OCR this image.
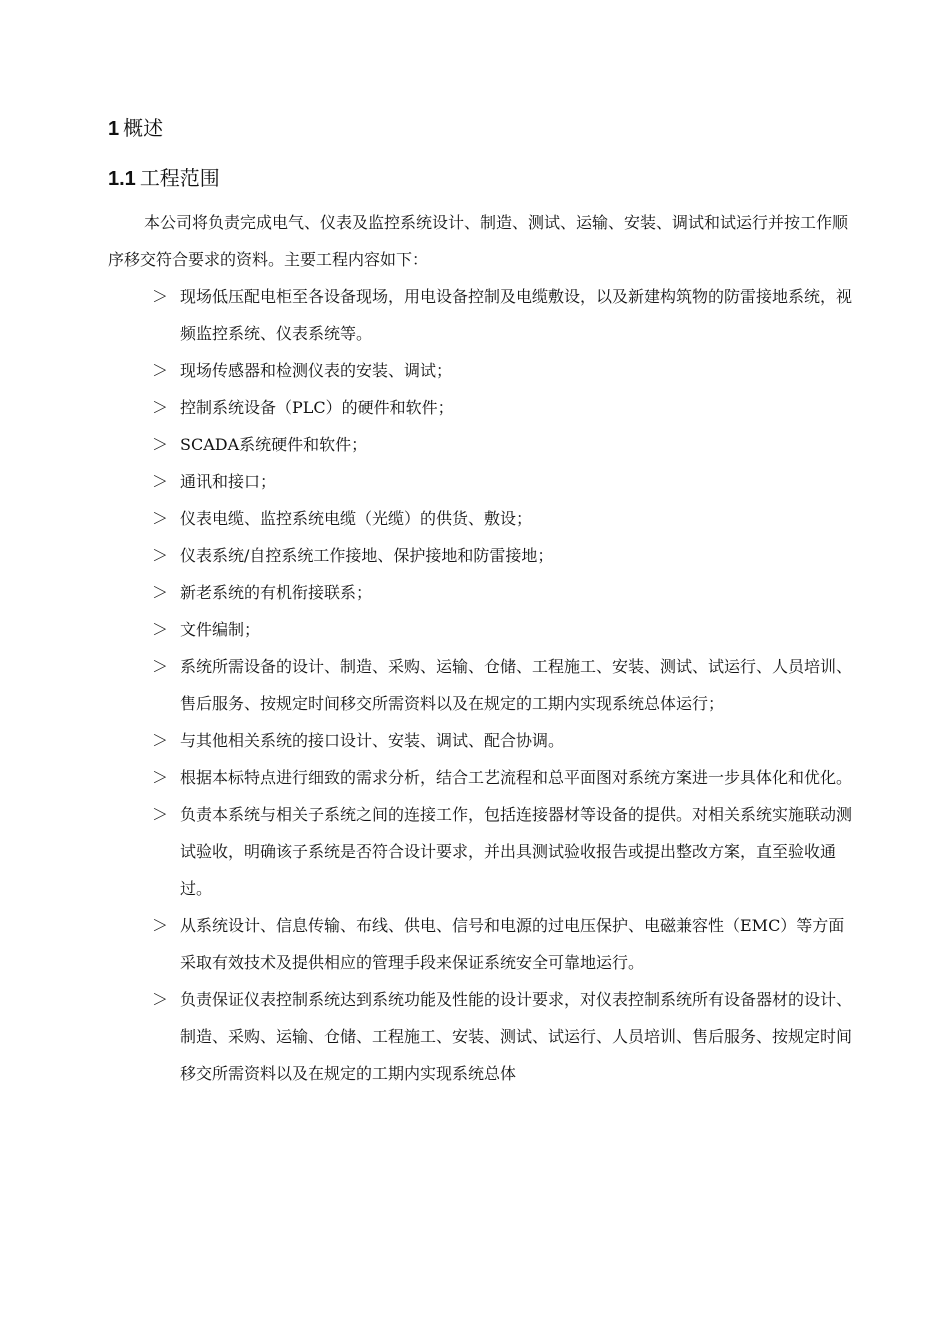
1 概述
1.1 工程范围

本公司将负责完成电气、仪表及监控系统设计、制造、测试、运输、安装、调试和试运行并按工作顺序移交符合要求的资料。主要工程内容如下：

＞ 现场低压配电柜至各设备现场，用电设备控制及电缆敷设，以及新建构筑物的防雷接地系统，视频监控系统、仪表系统等。
＞ 现场传感器和检测仪表的安装、调试；
＞ 控制系统设备（PLC）的硬件和软件；
＞ SCADA系统硬件和软件；
＞ 通讯和接口；
＞ 仪表电缆、监控系统电缆（光缆）的供货、敷设；
＞ 仪表系统/自控系统工作接地、保护接地和防雷接地；
＞ 新老系统的有机衔接联系；
＞ 文件编制；
＞ 系统所需设备的设计、制造、采购、运输、仓储、工程施工、安装、测试、试运行、人员培训、售后服务、按规定时间移交所需资料以及在规定的工期内实现系统总体运行；
＞ 与其他相关系统的接口设计、安装、调试、配合协调。
＞ 根据本标特点进行细致的需求分析，结合工艺流程和总平面图对系统方案进一步具体化和优化。
＞ 负责本系统与相关子系统之间的连接工作，包括连接器材等设备的提供。对相关系统实施联动测试验收，明确该子系统是否符合设计要求，并出具测试验收报告或提出整改方案，直至验收通过。
＞ 从系统设计、信息传输、布线、供电、信号和电源的过电压保护、电磁兼容性（EMC）等方面采取有效技术及提供相应的管理手段来保证系统安全可靠地运行。
＞ 负责保证仪表控制系统达到系统功能及性能的设计要求，对仪表控制系统所有设备器材的设计、制造、采购、运输、仓储、工程施工、安装、测试、试运行、人员培训、售后服务、按规定时间移交所需资料以及在规定的工期内实现系统总体
